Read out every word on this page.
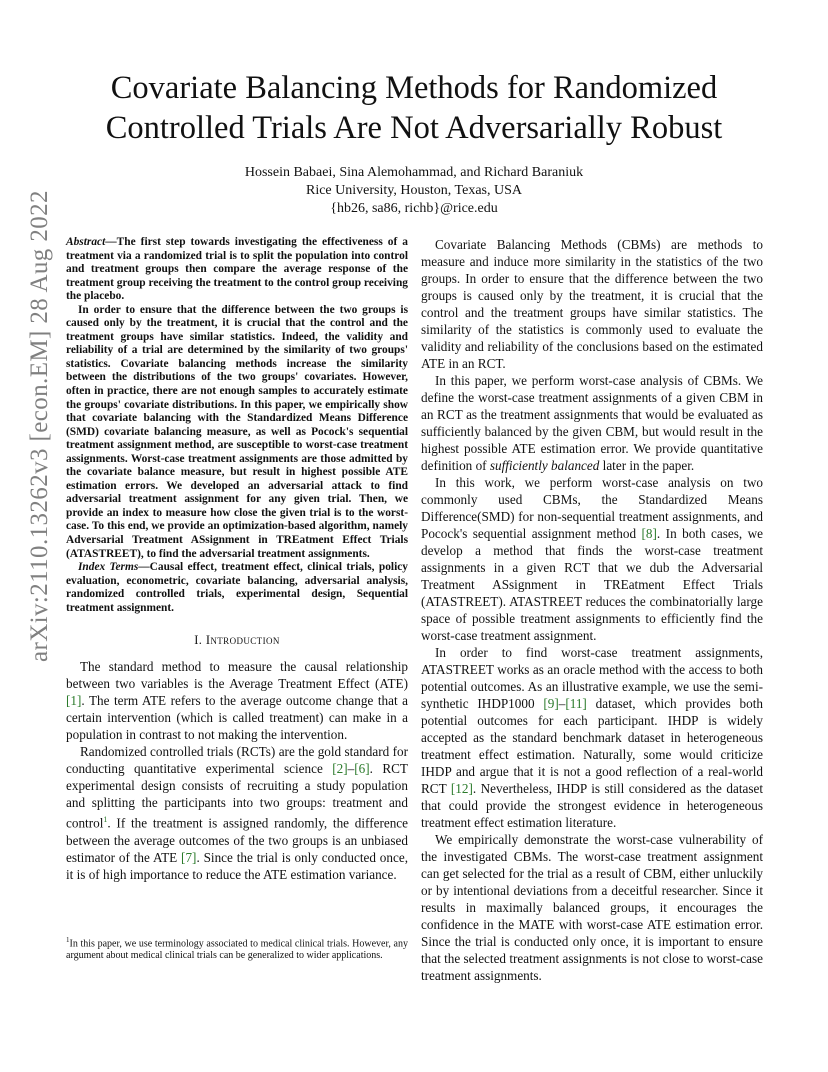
arXiv:2110.13262v3 [econ.EM] 28 Aug 2022
Covariate Balancing Methods for Randomized Controlled Trials Are Not Adversarially Robust
Hossein Babaei, Sina Alemohammad, and Richard Baraniuk
Rice University, Houston, Texas, USA
{hb26, sa86, richb}@rice.edu

Abstract—The first step towards investigating the effectiveness of a treatment via a randomized trial is to split the population into control and treatment groups then compare the average response of the treatment group receiving the treatment to the control group receiving the placebo.

In order to ensure that the difference between the two groups is caused only by the treatment, it is crucial that the control and the treatment groups have similar statistics. Indeed, the validity and reliability of a trial are determined by the similarity of two groups' statistics. Covariate balancing methods increase the similarity between the distributions of the two groups' covariates. However, often in practice, there are not enough samples to accurately estimate the groups' covariate distributions. In this paper, we empirically show that covariate balancing with the Standardized Means Difference (SMD) covariate balancing measure, as well as Pocock's sequential treatment assignment method, are susceptible to worst-case treatment assignments. Worst-case treatment assignments are those admitted by the covariate balance measure, but result in highest possible ATE estimation errors. We developed an adversarial attack to find adversarial treatment assignment for any given trial. Then, we provide an index to measure how close the given trial is to the worst-case. To this end, we provide an optimization-based algorithm, namely Adversarial Treatment ASsignment in TREatment Effect Trials (ATASTREET), to find the adversarial treatment assignments.

Index Terms—Causal effect, treatment effect, clinical trials, policy evaluation, econometric, covariate balancing, adversarial analysis, randomized controlled trials, experimental design, Sequential treatment assignment.

I. Introduction

The standard method to measure the causal relationship between two variables is the Average Treatment Effect (ATE) [1]. The term ATE refers to the average outcome change that a certain intervention (which is called treatment) can make in a population in contrast to not making the intervention.

Randomized controlled trials (RCTs) are the gold standard for conducting quantitative experimental science [2]–[6]. RCT experimental design consists of recruiting a study population and splitting the participants into two groups: treatment and control$^1$. If the treatment is assigned randomly, the difference between the average outcomes of the two groups is an unbiased estimator of the ATE [7]. Since the trial is only conducted once, it is of high importance to reduce the ATE estimation variance.

$^1$In this paper, we use terminology associated to medical clinical trials. However, any argument about medical clinical trials can be generalized to wider applications.

Covariate Balancing Methods (CBMs) are methods to measure and induce more similarity in the statistics of the two groups. In order to ensure that the difference between the two groups is caused only by the treatment, it is crucial that the control and the treatment groups have similar statistics. The similarity of the statistics is commonly used to evaluate the validity and reliability of the conclusions based on the estimated ATE in an RCT.

In this paper, we perform worst-case analysis of CBMs. We define the worst-case treatment assignments of a given CBM in an RCT as the treatment assignments that would be evaluated as sufficiently balanced by the given CBM, but would result in the highest possible ATE estimation error. We provide quantitative definition of sufficiently balanced later in the paper.

In this work, we perform worst-case analysis on two commonly used CBMs, the Standardized Means Difference(SMD) for non-sequential treatment assignments, and Pocock's sequential assignment method [8]. In both cases, we develop a method that finds the worst-case treatment assignments in a given RCT that we dub the Adversarial Treatment ASsignment in TREatment Effect Trials (ATASTREET). ATASTREET reduces the combinatorially large space of possible treatment assignments to efficiently find the worst-case treatment assignment.

In order to find worst-case treatment assignments, ATASTREET works as an oracle method with the access to both potential outcomes. As an illustrative example, we use the semi-synthetic IHDP1000 [9]–[11] dataset, which provides both potential outcomes for each participant. IHDP is widely accepted as the standard benchmark dataset in heterogeneous treatment effect estimation. Naturally, some would criticize IHDP and argue that it is not a good reflection of a real-world RCT [12]. Nevertheless, IHDP is still considered as the dataset that could provide the strongest evidence in heterogeneous treatment effect estimation literature.

We empirically demonstrate the worst-case vulnerability of the investigated CBMs. The worst-case treatment assignment can get selected for the trial as a result of CBM, either unluckily or by intentional deviations from a deceitful researcher. Since it results in maximally balanced groups, it encourages the confidence in the MATE with worst-case ATE estimation error. Since the trial is conducted only once, it is important to ensure that the selected treatment assignments is not close to worst-case treatment assignments.
